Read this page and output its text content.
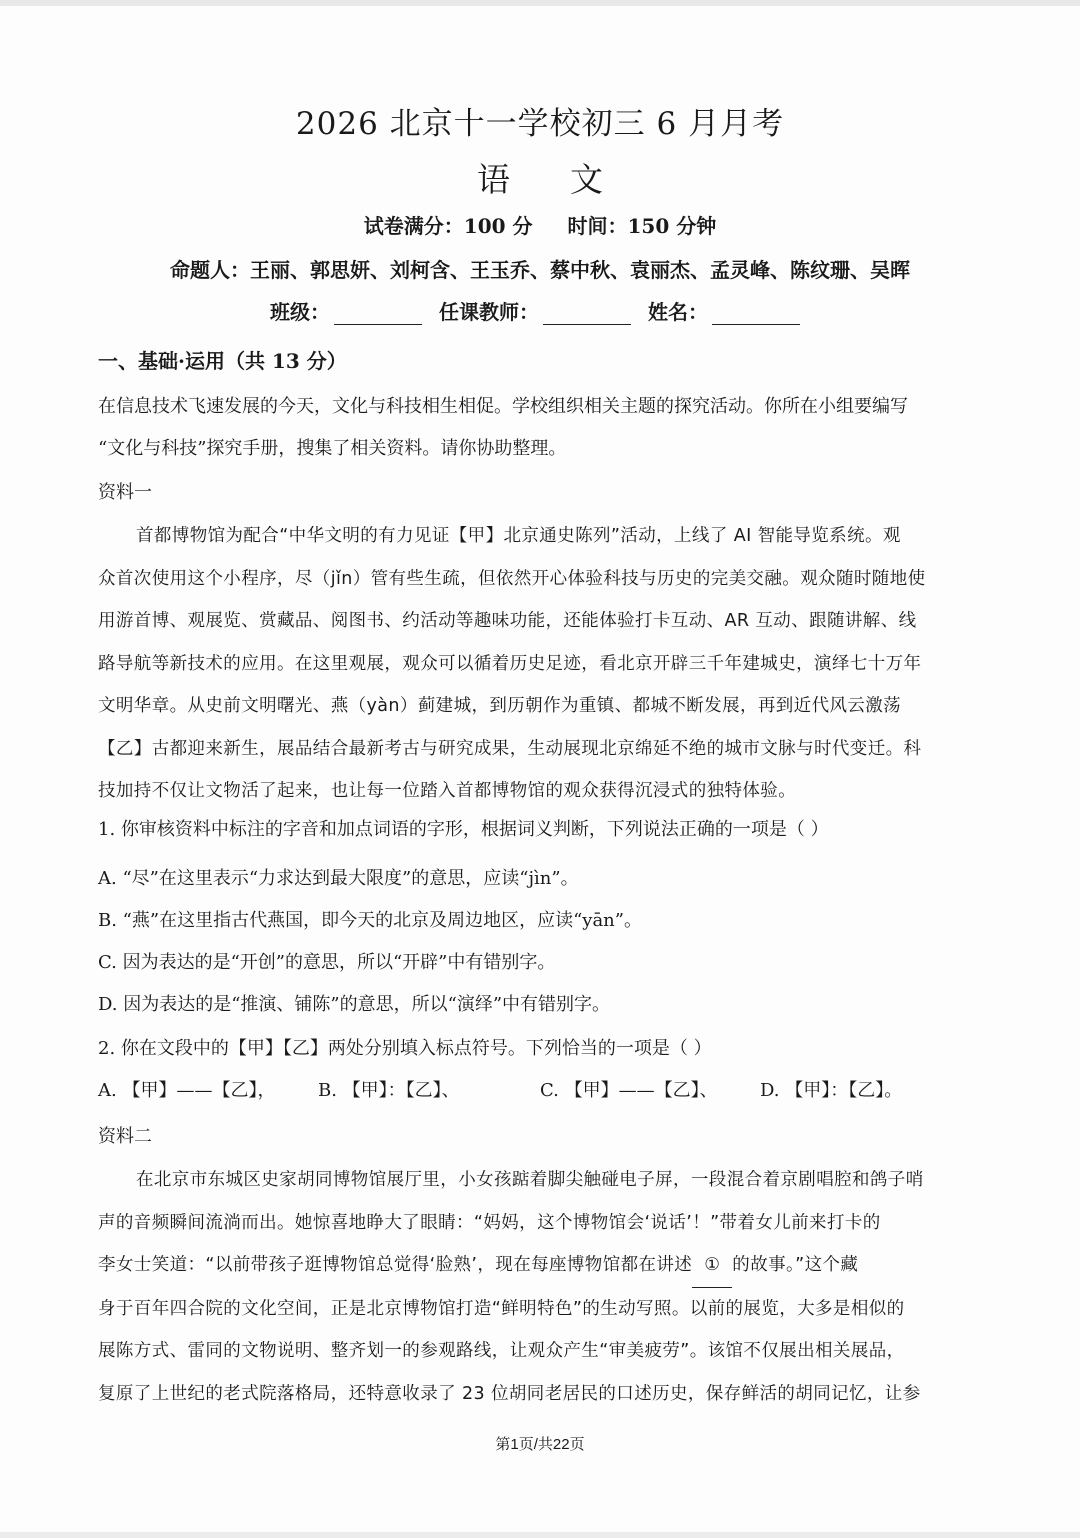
2026 北京十一学校初三 6 月月考
语文
试卷满分：100 分 时间：150 分钟
命题人：王丽、郭思妍、刘柯含、王玉乔、蔡中秋、袁丽杰、孟灵峰、陈纹珊、吴晖
班级：	任课教师：	姓名：
一、基础·运用（共 13 分）
在信息技术飞速发展的今天，文化与科技相生相促。学校组织相关主题的探究活动。你所在小组要编写
“文化与科技”探究手册，搜集了相关资料。请你协助整理。
资料一
首都博物馆为配合“中华文明的有力见证【甲】北京通史陈列”活动，上线了 AI 智能导览系统。观
众首次使用这个小程序，尽（jǐn）管有些生疏，但依然开心体验科技与历史的完美交融。观众随时随地使
用游首博、观展览、赏藏品、阅图书、约活动等趣味功能，还能体验打卡互动、AR 互动、跟随讲解、线
路导航等新技术的应用。在这里观展，观众可以循着历史足迹，看北京开辟三千年建城史，演绎七十万年
文明华章。从史前文明曙光、燕（yàn）蓟建城，到历朝作为重镇、都城不断发展，再到近代风云激荡
【乙】古都迎来新生，展品结合最新考古与研究成果，生动展现北京绵延不绝的城市文脉与时代变迁。科
技加持不仅让文物活了起来，也让每一位踏入首都博物馆的观众获得沉浸式的独特体验。
1. 你审核资料中标注的字音和加点词语的字形，根据词义判断，下列说法正确的一项是（ ）
A. “尽”在这里表示“力求达到最大限度”的意思，应读“jìn”。
B. “燕”在这里指古代燕国，即今天的北京及周边地区，应读“yān”。
C. 因为表达的是“开创”的意思，所以“开辟”中有错别字。
D. 因为表达的是“推演、铺陈”的意思，所以“演绎”中有错别字。
2. 你在文段中的【甲】【乙】两处分别填入标点符号。下列恰当的一项是（ ）
A. 【甲】——【乙】， B. 【甲】：【乙】、	C. 【甲】——【乙】、 D. 【甲】：【乙】。
资料二
在北京市东城区史家胡同博物馆展厅里，小女孩踮着脚尖触碰电子屏，一段混合着京剧唱腔和鸽子哨
声的音频瞬间流淌而出。她惊喜地睁大了眼睛：“妈妈，这个博物馆会‘说话’！”带着女儿前来打卡的
李女士笑道：“以前带孩子逛博物馆总觉得‘脸熟’，现在每座博物馆都在讲述 ① 的故事。”这个藏
身于百年四合院的文化空间，正是北京博物馆打造“鲜明特色”的生动写照。以前的展览，大多是相似的
展陈方式、雷同的文物说明、整齐划一的参观路线，让观众产生“审美疲劳”。该馆不仅展出相关展品，
复原了上世纪的老式院落格局，还特意收录了 23 位胡同老居民的口述历史，保存鲜活的胡同记忆，让参
第1页/共22页
